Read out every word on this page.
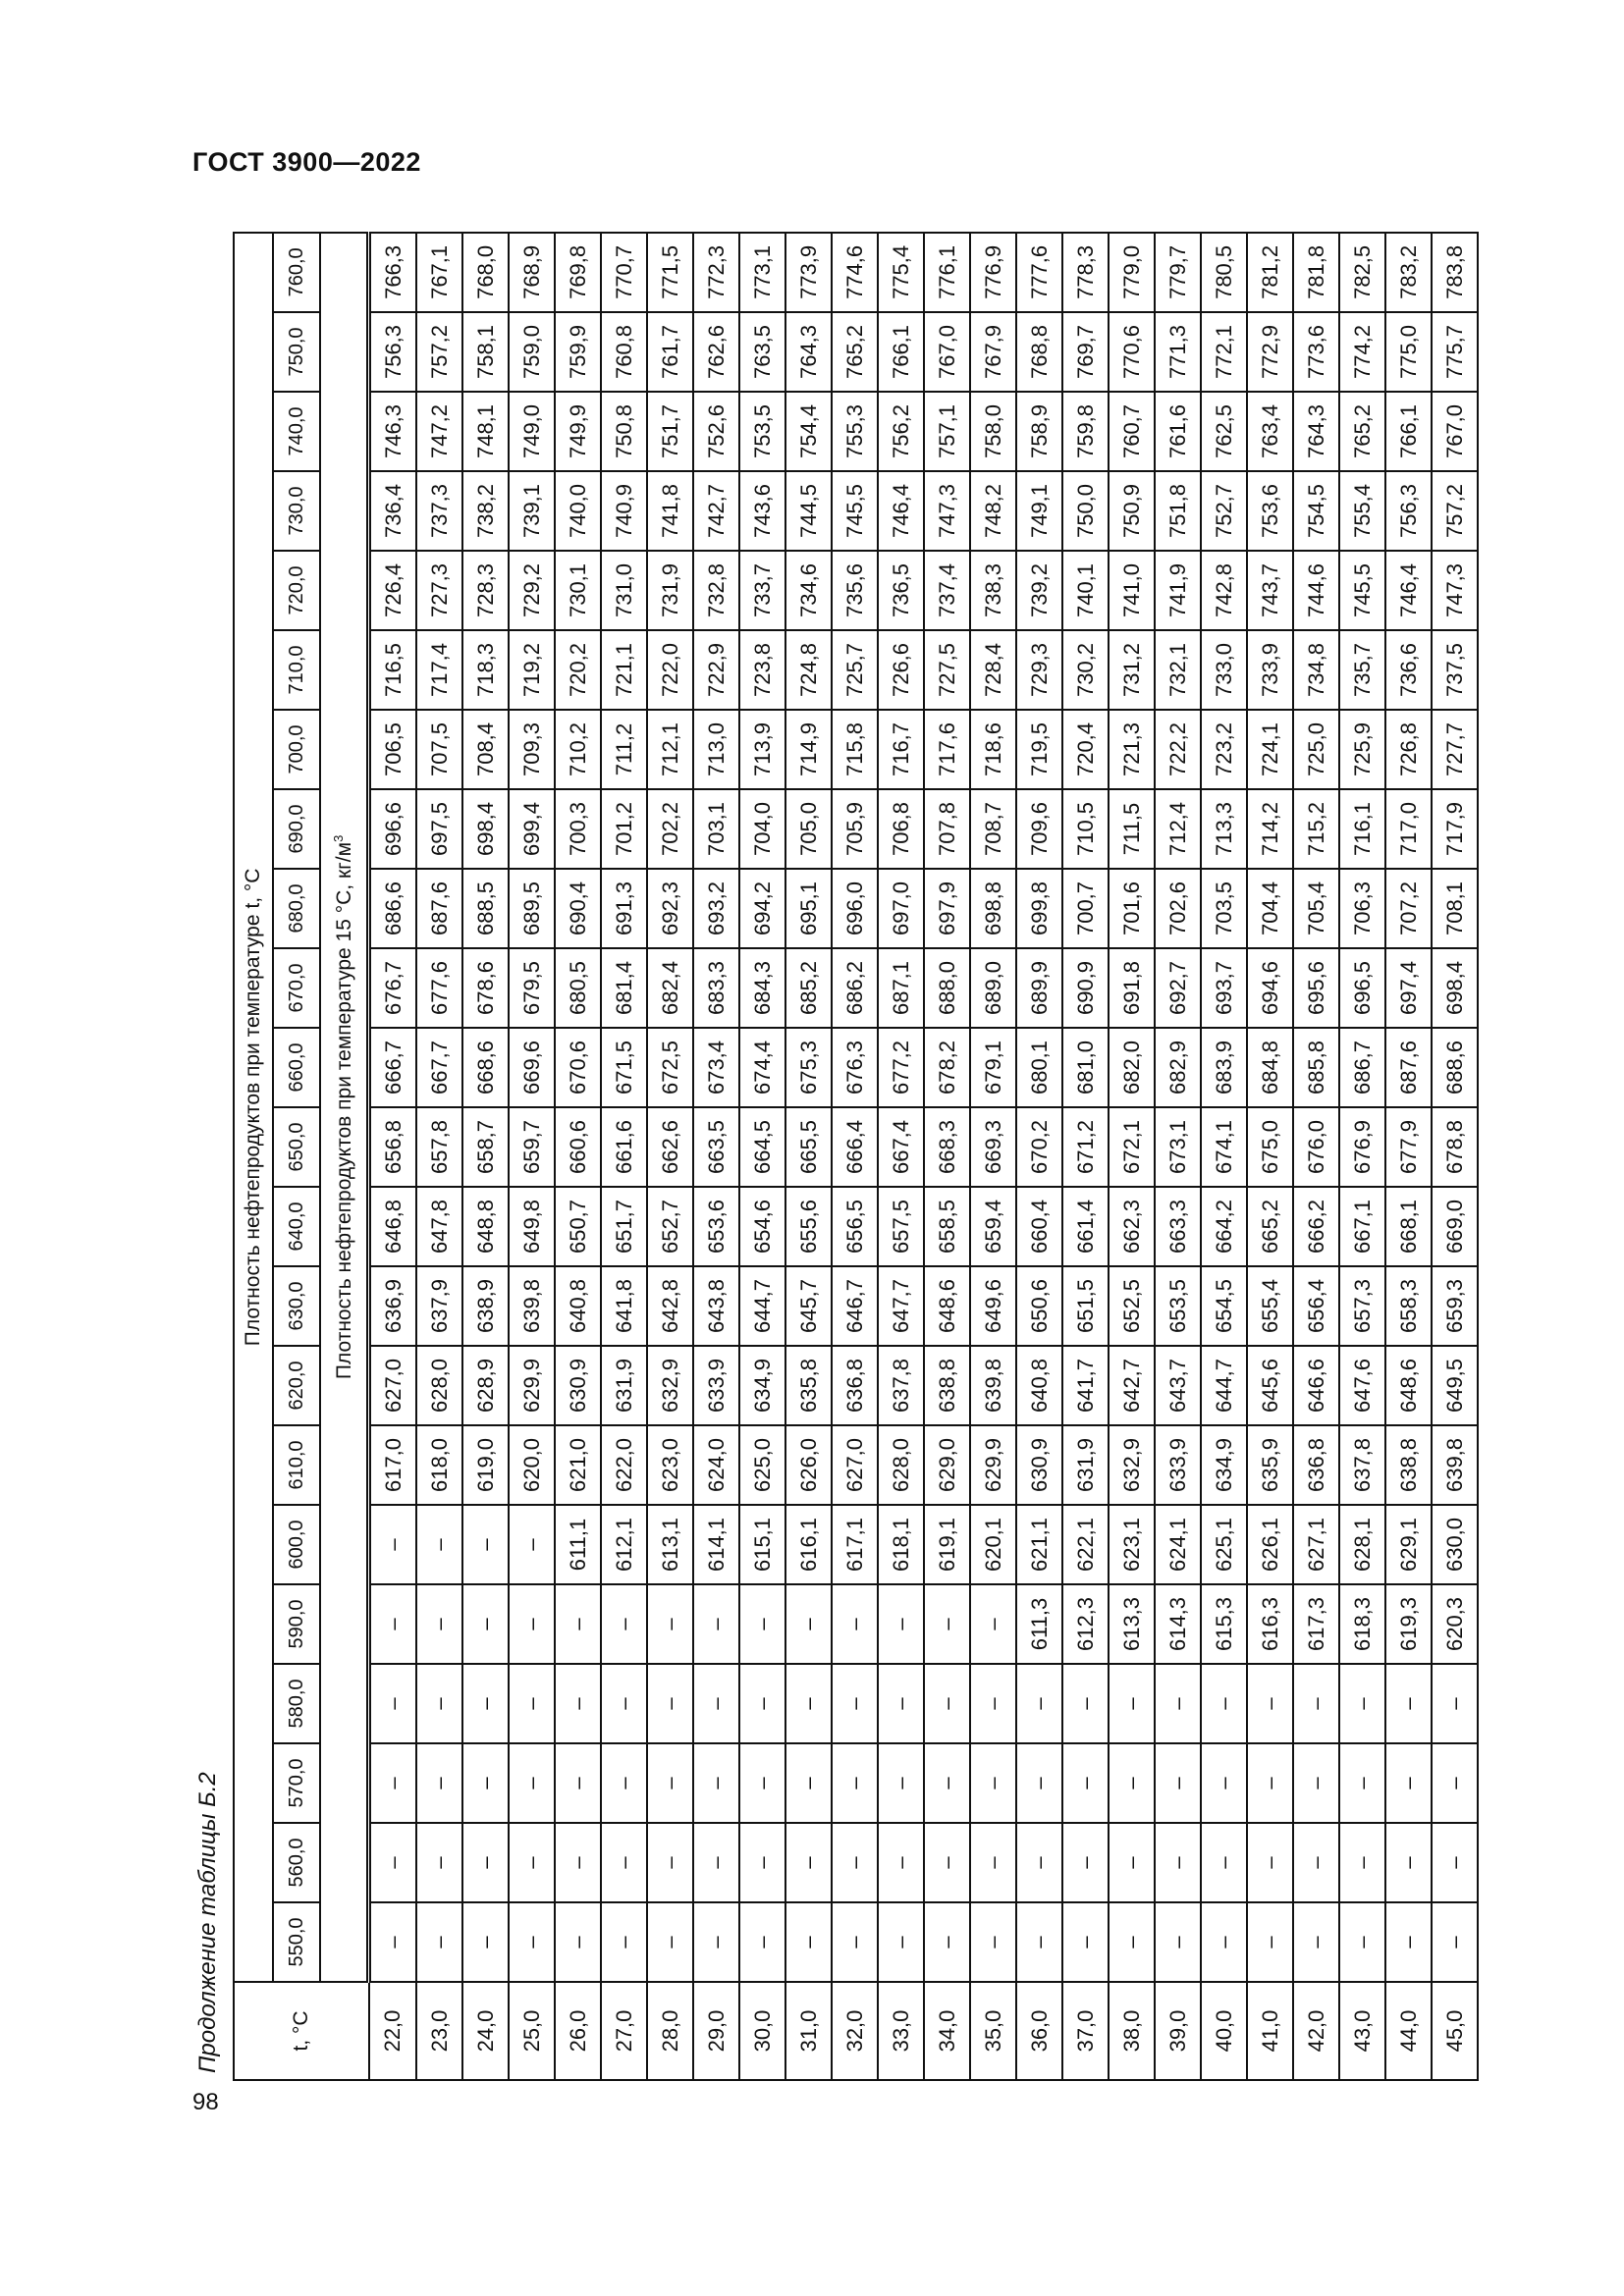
ГОСТ 3900—2022
Продолжение таблицы Б.2
98
t, °C	Плотность нефтепродуктов при температуре t, °C																					
	550,0	560,0	570,0	580,0	590,0	600,0	610,0	620,0	630,0	640,0	650,0	660,0	670,0	680,0	690,0	700,0	710,0	720,0	730,0	740,0	750,0	760,0
	Плотность нефтепродуктов при температуре 15 °C, $кг/м^3$
22,0	–	–	–	–	–	–	617,0	627,0	636,9	646,8	656,8	666,7	676,7	686,6	696,6	706,5	716,5	726,4	736,4	746,3	756,3	766,3
23,0	–	–	–	–	–	–	618,0	628,0	637,9	647,8	657,8	667,7	677,6	687,6	697,5	707,5	717,4	727,3	737,3	747,2	757,2	767,1
24,0	–	–	–	–	–	–	619,0	628,9	638,9	648,8	658,7	668,6	678,6	688,5	698,4	708,4	718,3	728,3	738,2	748,1	758,1	768,0
25,0	–	–	–	–	–	–	620,0	629,9	639,8	649,8	659,7	669,6	679,5	689,5	699,4	709,3	719,2	729,2	739,1	749,0	759,0	768,9
26,0	–	–	–	–	–	611,1	621,0	630,9	640,8	650,7	660,6	670,6	680,5	690,4	700,3	710,2	720,2	730,1	740,0	749,9	759,9	769,8
27,0	–	–	–	–	–	612,1	622,0	631,9	641,8	651,7	661,6	671,5	681,4	691,3	701,2	711,2	721,1	731,0	740,9	750,8	760,8	770,7
28,0	–	–	–	–	–	613,1	623,0	632,9	642,8	652,7	662,6	672,5	682,4	692,3	702,2	712,1	722,0	731,9	741,8	751,7	761,7	771,5
29,0	–	–	–	–	–	614,1	624,0	633,9	643,8	653,6	663,5	673,4	683,3	693,2	703,1	713,0	722,9	732,8	742,7	752,6	762,6	772,3
30,0	–	–	–	–	–	615,1	625,0	634,9	644,7	654,6	664,5	674,4	684,3	694,2	704,0	713,9	723,8	733,7	743,6	753,5	763,5	773,1
31,0	–	–	–	–	–	616,1	626,0	635,8	645,7	655,6	665,5	675,3	685,2	695,1	705,0	714,9	724,8	734,6	744,5	754,4	764,3	773,9
32,0	–	–	–	–	–	617,1	627,0	636,8	646,7	656,5	666,4	676,3	686,2	696,0	705,9	715,8	725,7	735,6	745,5	755,3	765,2	774,6
33,0	–	–	–	–	–	618,1	628,0	637,8	647,7	657,5	667,4	677,2	687,1	697,0	706,8	716,7	726,6	736,5	746,4	756,2	766,1	775,4
34,0	–	–	–	–	–	619,1	629,0	638,8	648,6	658,5	668,3	678,2	688,0	697,9	707,8	717,6	727,5	737,4	747,3	757,1	767,0	776,1
35,0	–	–	–	–	–	620,1	629,9	639,8	649,6	659,4	669,3	679,1	689,0	698,8	708,7	718,6	728,4	738,3	748,2	758,0	767,9	776,9
36,0	–	–	–	–	611,3	621,1	630,9	640,8	650,6	660,4	670,2	680,1	689,9	699,8	709,6	719,5	729,3	739,2	749,1	758,9	768,8	777,6
37,0	–	–	–	–	612,3	622,1	631,9	641,7	651,5	661,4	671,2	681,0	690,9	700,7	710,5	720,4	730,2	740,1	750,0	759,8	769,7	778,3
38,0	–	–	–	–	613,3	623,1	632,9	642,7	652,5	662,3	672,1	682,0	691,8	701,6	711,5	721,3	731,2	741,0	750,9	760,7	770,6	779,0
39,0	–	–	–	–	614,3	624,1	633,9	643,7	653,5	663,3	673,1	682,9	692,7	702,6	712,4	722,2	732,1	741,9	751,8	761,6	771,3	779,7
40,0	–	–	–	–	615,3	625,1	634,9	644,7	654,5	664,2	674,1	683,9	693,7	703,5	713,3	723,2	733,0	742,8	752,7	762,5	772,1	780,5
41,0	–	–	–	–	616,3	626,1	635,9	645,6	655,4	665,2	675,0	684,8	694,6	704,4	714,2	724,1	733,9	743,7	753,6	763,4	772,9	781,2
42,0	–	–	–	–	617,3	627,1	636,8	646,6	656,4	666,2	676,0	685,8	695,6	705,4	715,2	725,0	734,8	744,6	754,5	764,3	773,6	781,8
43,0	–	–	–	–	618,3	628,1	637,8	647,6	657,3	667,1	676,9	686,7	696,5	706,3	716,1	725,9	735,7	745,5	755,4	765,2	774,2	782,5
44,0	–	–	–	–	619,3	629,1	638,8	648,6	658,3	668,1	677,9	687,6	697,4	707,2	717,0	726,8	736,6	746,4	756,3	766,1	775,0	783,2
45,0	–	–	–	–	620,3	630,0	639,8	649,5	659,3	669,0	678,8	688,6	698,4	708,1	717,9	727,7	737,5	747,3	757,2	767,0	775,7	783,8
